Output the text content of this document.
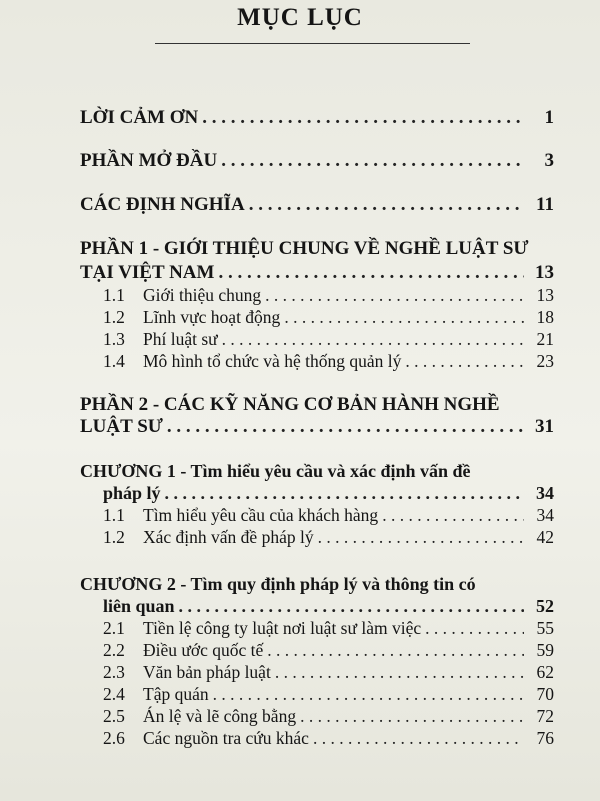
MỤC LỤC
LỜI CẢM ƠN . . .	1
PHẦN MỞ ĐẦU . . .	3
CÁC ĐỊNH NGHĨA . . .	11
PHẦN 1 - GIỚI THIỆU CHUNG VỀ NGHỀ LUẬT SƯ
TẠI VIỆT NAM . . .	13
1.1 Giới thiệu chung . . .	13
1.2 Lĩnh vực hoạt động . . .	18
1.3 Phí luật sư . . .	21
1.4 Mô hình tổ chức và hệ thống quản lý . . .	23
PHẦN 2 - CÁC KỸ NĂNG CƠ BẢN HÀNH NGHỀ
LUẬT SƯ . . .	31
CHƯƠNG 1 - Tìm hiểu yêu cầu và xác định vấn đề
pháp lý . . .	34
1.1 Tìm hiểu yêu cầu của khách hàng . . .	34
1.2 Xác định vấn đề pháp lý . . .	42
CHƯƠNG 2 - Tìm quy định pháp lý và thông tin có
liên quan . . .	52
2.1 Tiền lệ công ty luật nơi luật sư làm việc . . .	55
2.2 Điều ước quốc tế . . .	59
2.3 Văn bản pháp luật . . .	62
2.4 Tập quán . . .	70
2.5 Án lệ và lẽ công bằng . . .	72
2.6 Các nguồn tra cứu khác . . .	76
